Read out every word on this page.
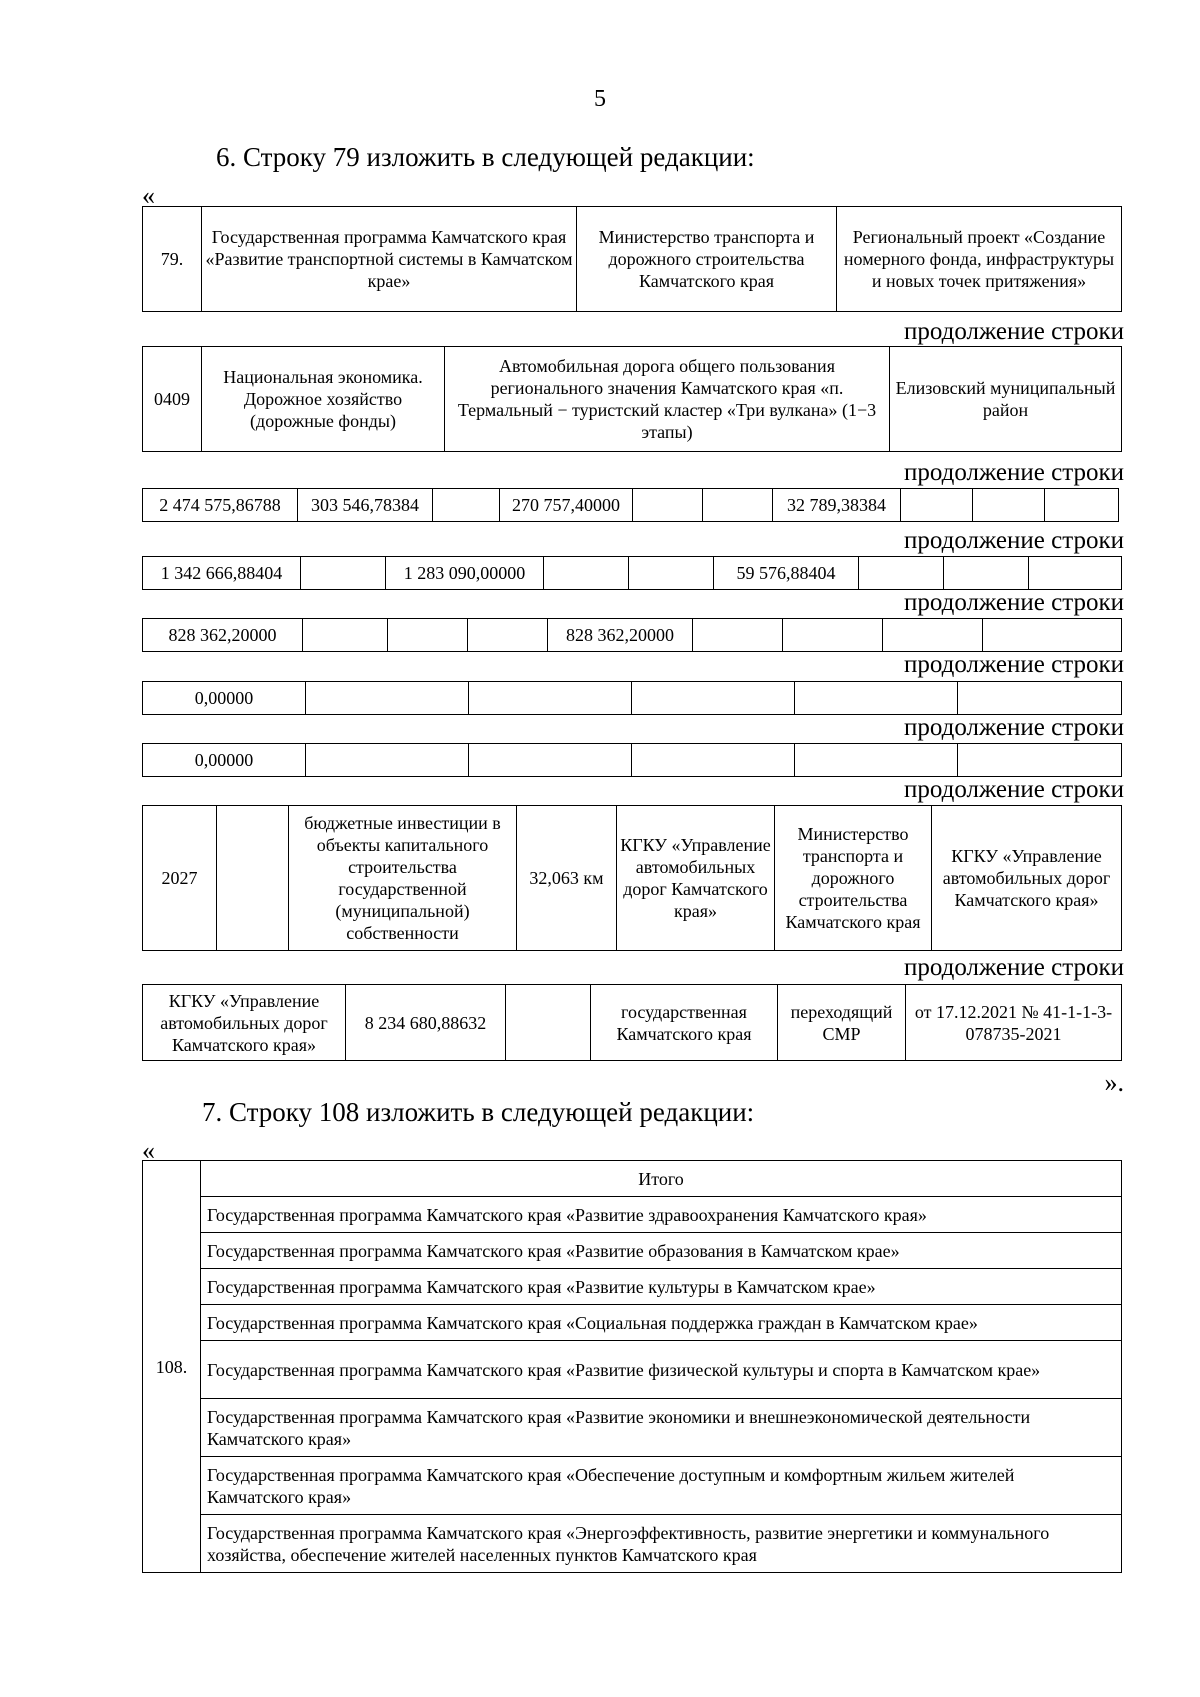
5
6. Строку 79 изложить в следующей редакции:
«
79.	Государственная программа Камчатского края «Развитие транспортной системы в Камчатском крае»	Министерство транспорта и дорожного строительства Камчатского края	Региональный проект «Создание номерного фонда, инфраструктуры и новых точек притяжения»
продолжение строки
0409	Национальная экономика. Дорожное хозяйство (дорожные фонды)	Автомобильная дорога общего пользования регионального значения Камчатского края «п. Термальный − туристский кластер «Три вулкана» (1−3 этапы)	Елизовский муниципальный район
продолжение строки
2 474 575,86788	303 546,78384		270 757,40000			32 789,38384			
продолжение строки
1 342 666,88404		1 283 090,00000			59 576,88404			
продолжение строки
828 362,20000				828 362,20000				
продолжение строки
0,00000					
продолжение строки
0,00000					
продолжение строки
2027		бюджетные инвестиции в объекты капитального строительства государственной (муниципальной) собственности	32,063 км	КГКУ «Управление автомобильных дорог Камчатского края»	Министерство транспорта и дорожного строительства Камчатского края	КГКУ «Управление автомобильных дорог Камчатского края»
продолжение строки
КГКУ «Управление автомобильных дорог Камчатского края»	8 234 680,88632		государственная Камчатского края	переходящий СМР	от 17.12.2021 № 41-1-1-3-078735-2021
».
7. Строку 108 изложить в следующей редакции:
«
108.	Итого
Государственная программа Камчатского края «Развитие здравоохранения Камчатского края»
Государственная программа Камчатского края «Развитие образования в Камчатском крае»
Государственная программа Камчатского края «Развитие культуры в Камчатском крае»
Государственная программа Камчатского края «Социальная поддержка граждан в Камчатском крае»
Государственная программа Камчатского края «Развитие физической культуры и спорта в Камчатском крае»
Государственная программа Камчатского края «Развитие экономики и внешнеэкономической деятельности Камчатского края»
Государственная программа Камчатского края «Обеспечение доступным и комфортным жильем жителей Камчатского края»
Государственная программа Камчатского края «Энергоэффективность, развитие энергетики и коммунального хозяйства, обеспечение жителей населенных пунктов Камчатского края
